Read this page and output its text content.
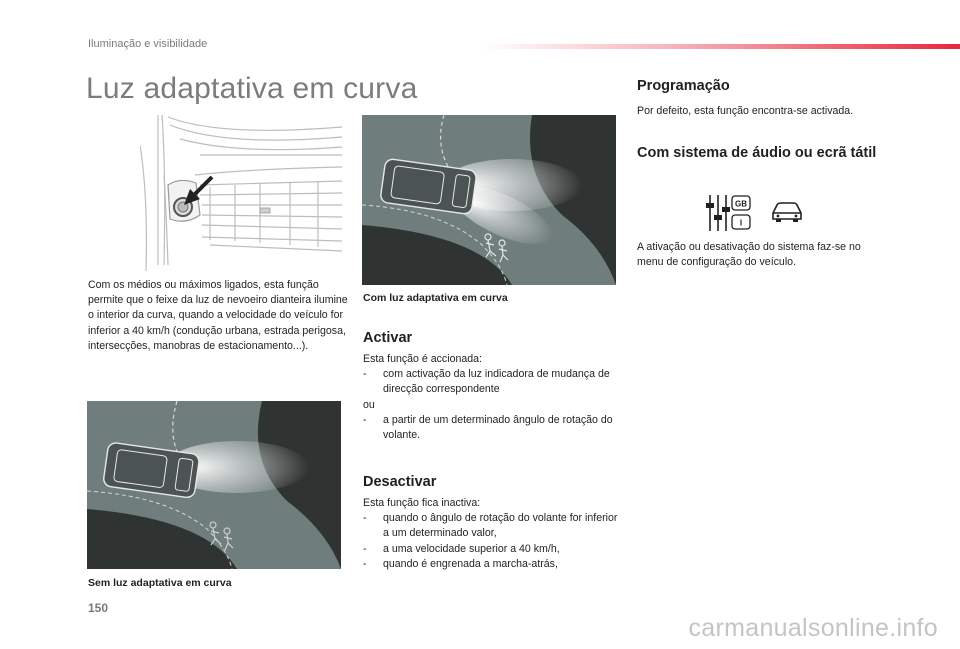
Iluminação e visibilidade
Luz adaptativa em curva

Com os médios ou máximos ligados, esta função permite que o feixe da luz de nevoeiro dianteira ilumine o interior da curva, quando a velocidade do veículo for inferior a 40 km/h (condução urbana, estrada perigosa, intersecções, manobras de estacionamento...).

Com luz adaptativa em curva
Activar

Esta função é accionada:

- com activação da luz indicadora de mudança de direcção correspondente

ou

- a partir de um determinado ângulo de rotação do volante.
Desactivar

Esta função fica inactiva:

- quando o ângulo de rotação do volante for inferior a um determinado valor,
- a uma velocidade superior a 40 km/h,
- quando é engrenada a marcha-atrás,
Sem luz adaptativa em curva
Programação
Por defeito, esta função encontra-se activada.
Com sistema de áudio ou ecrã tátil
GB
I
A ativação ou desativação do sistema faz-se no menu de configuração do veículo.
150
carmanualsonline.info
